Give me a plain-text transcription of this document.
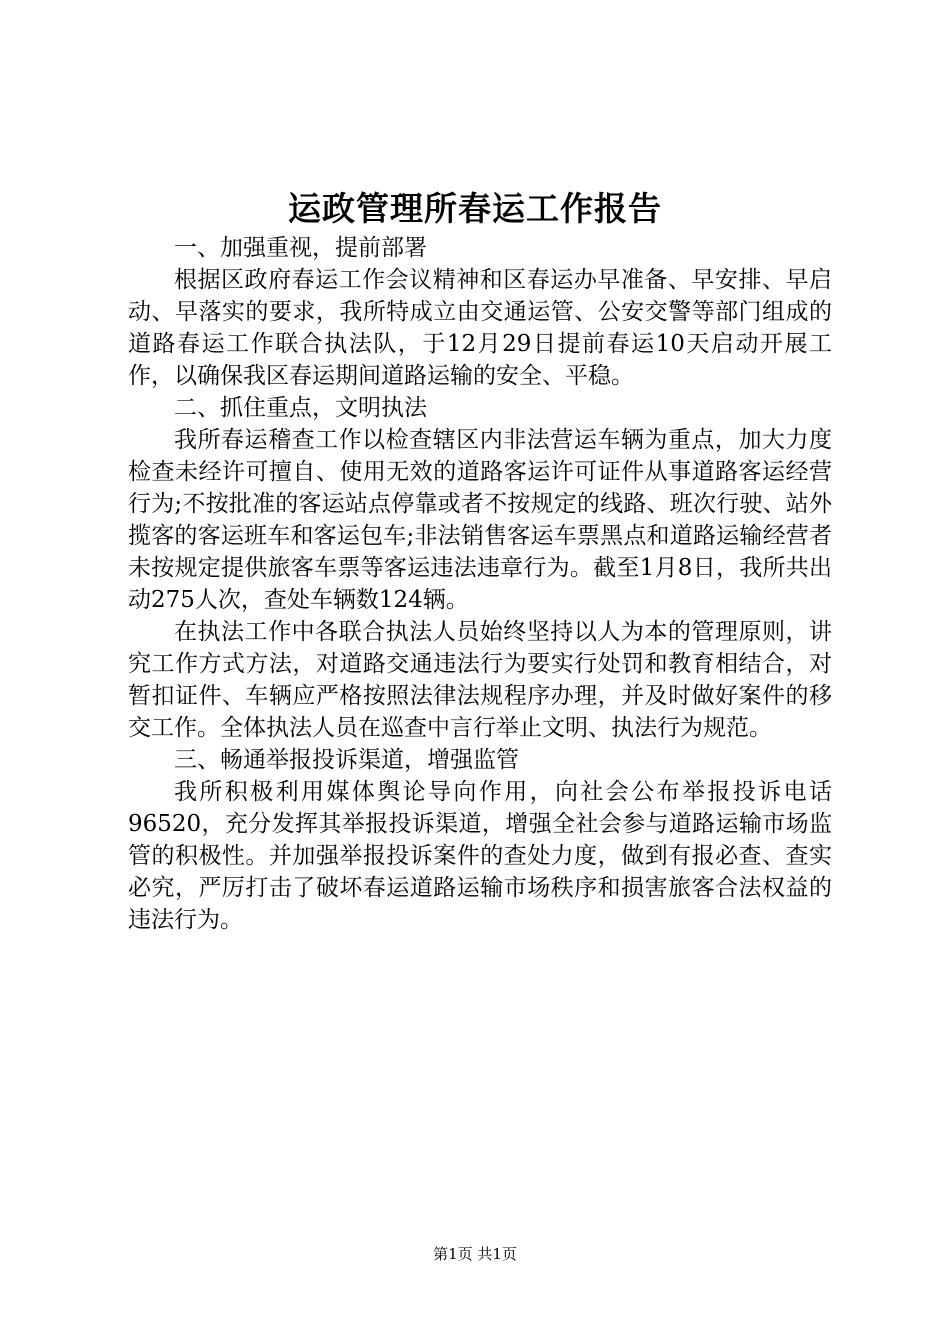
运政管理所春运工作报告

一、加强重视，提前部署

根据区政府春运工作会议精神和区春运办早准备、早安排、早启动、早落实的要求，我所特成立由交通运管、公安交警等部门组成的道路春运工作联合执法队，于12月29日提前春运10天启动开展工作，以确保我区春运期间道路运输的安全、平稳。

二、抓住重点，文明执法

我所春运稽查工作以检查辖区内非法营运车辆为重点，加大力度检查未经许可擅自、使用无效的道路客运许可证件从事道路客运经营行为;不按批准的客运站点停靠或者不按规定的线路、班次行驶、站外揽客的客运班车和客运包车;非法销售客运车票黑点和道路运输经营者未按规定提供旅客车票等客运违法违章行为。截至1月8日，我所共出动275人次，查处车辆数124辆。

在执法工作中各联合执法人员始终坚持以人为本的管理原则，讲究工作方式方法，对道路交通违法行为要实行处罚和教育相结合，对暂扣证件、车辆应严格按照法律法规程序办理，并及时做好案件的移交工作。全体执法人员在巡查中言行举止文明、执法行为规范。

三、畅通举报投诉渠道，增强监管

我所积极利用媒体舆论导向作用，向社会公布举报投诉电话96520，充分发挥其举报投诉渠道，增强全社会参与道路运输市场监管的积极性。并加强举报投诉案件的查处力度，做到有报必查、查实必究，严厉打击了破坏春运道路运输市场秩序和损害旅客合法权益的违法行为。

第1页 共1页
